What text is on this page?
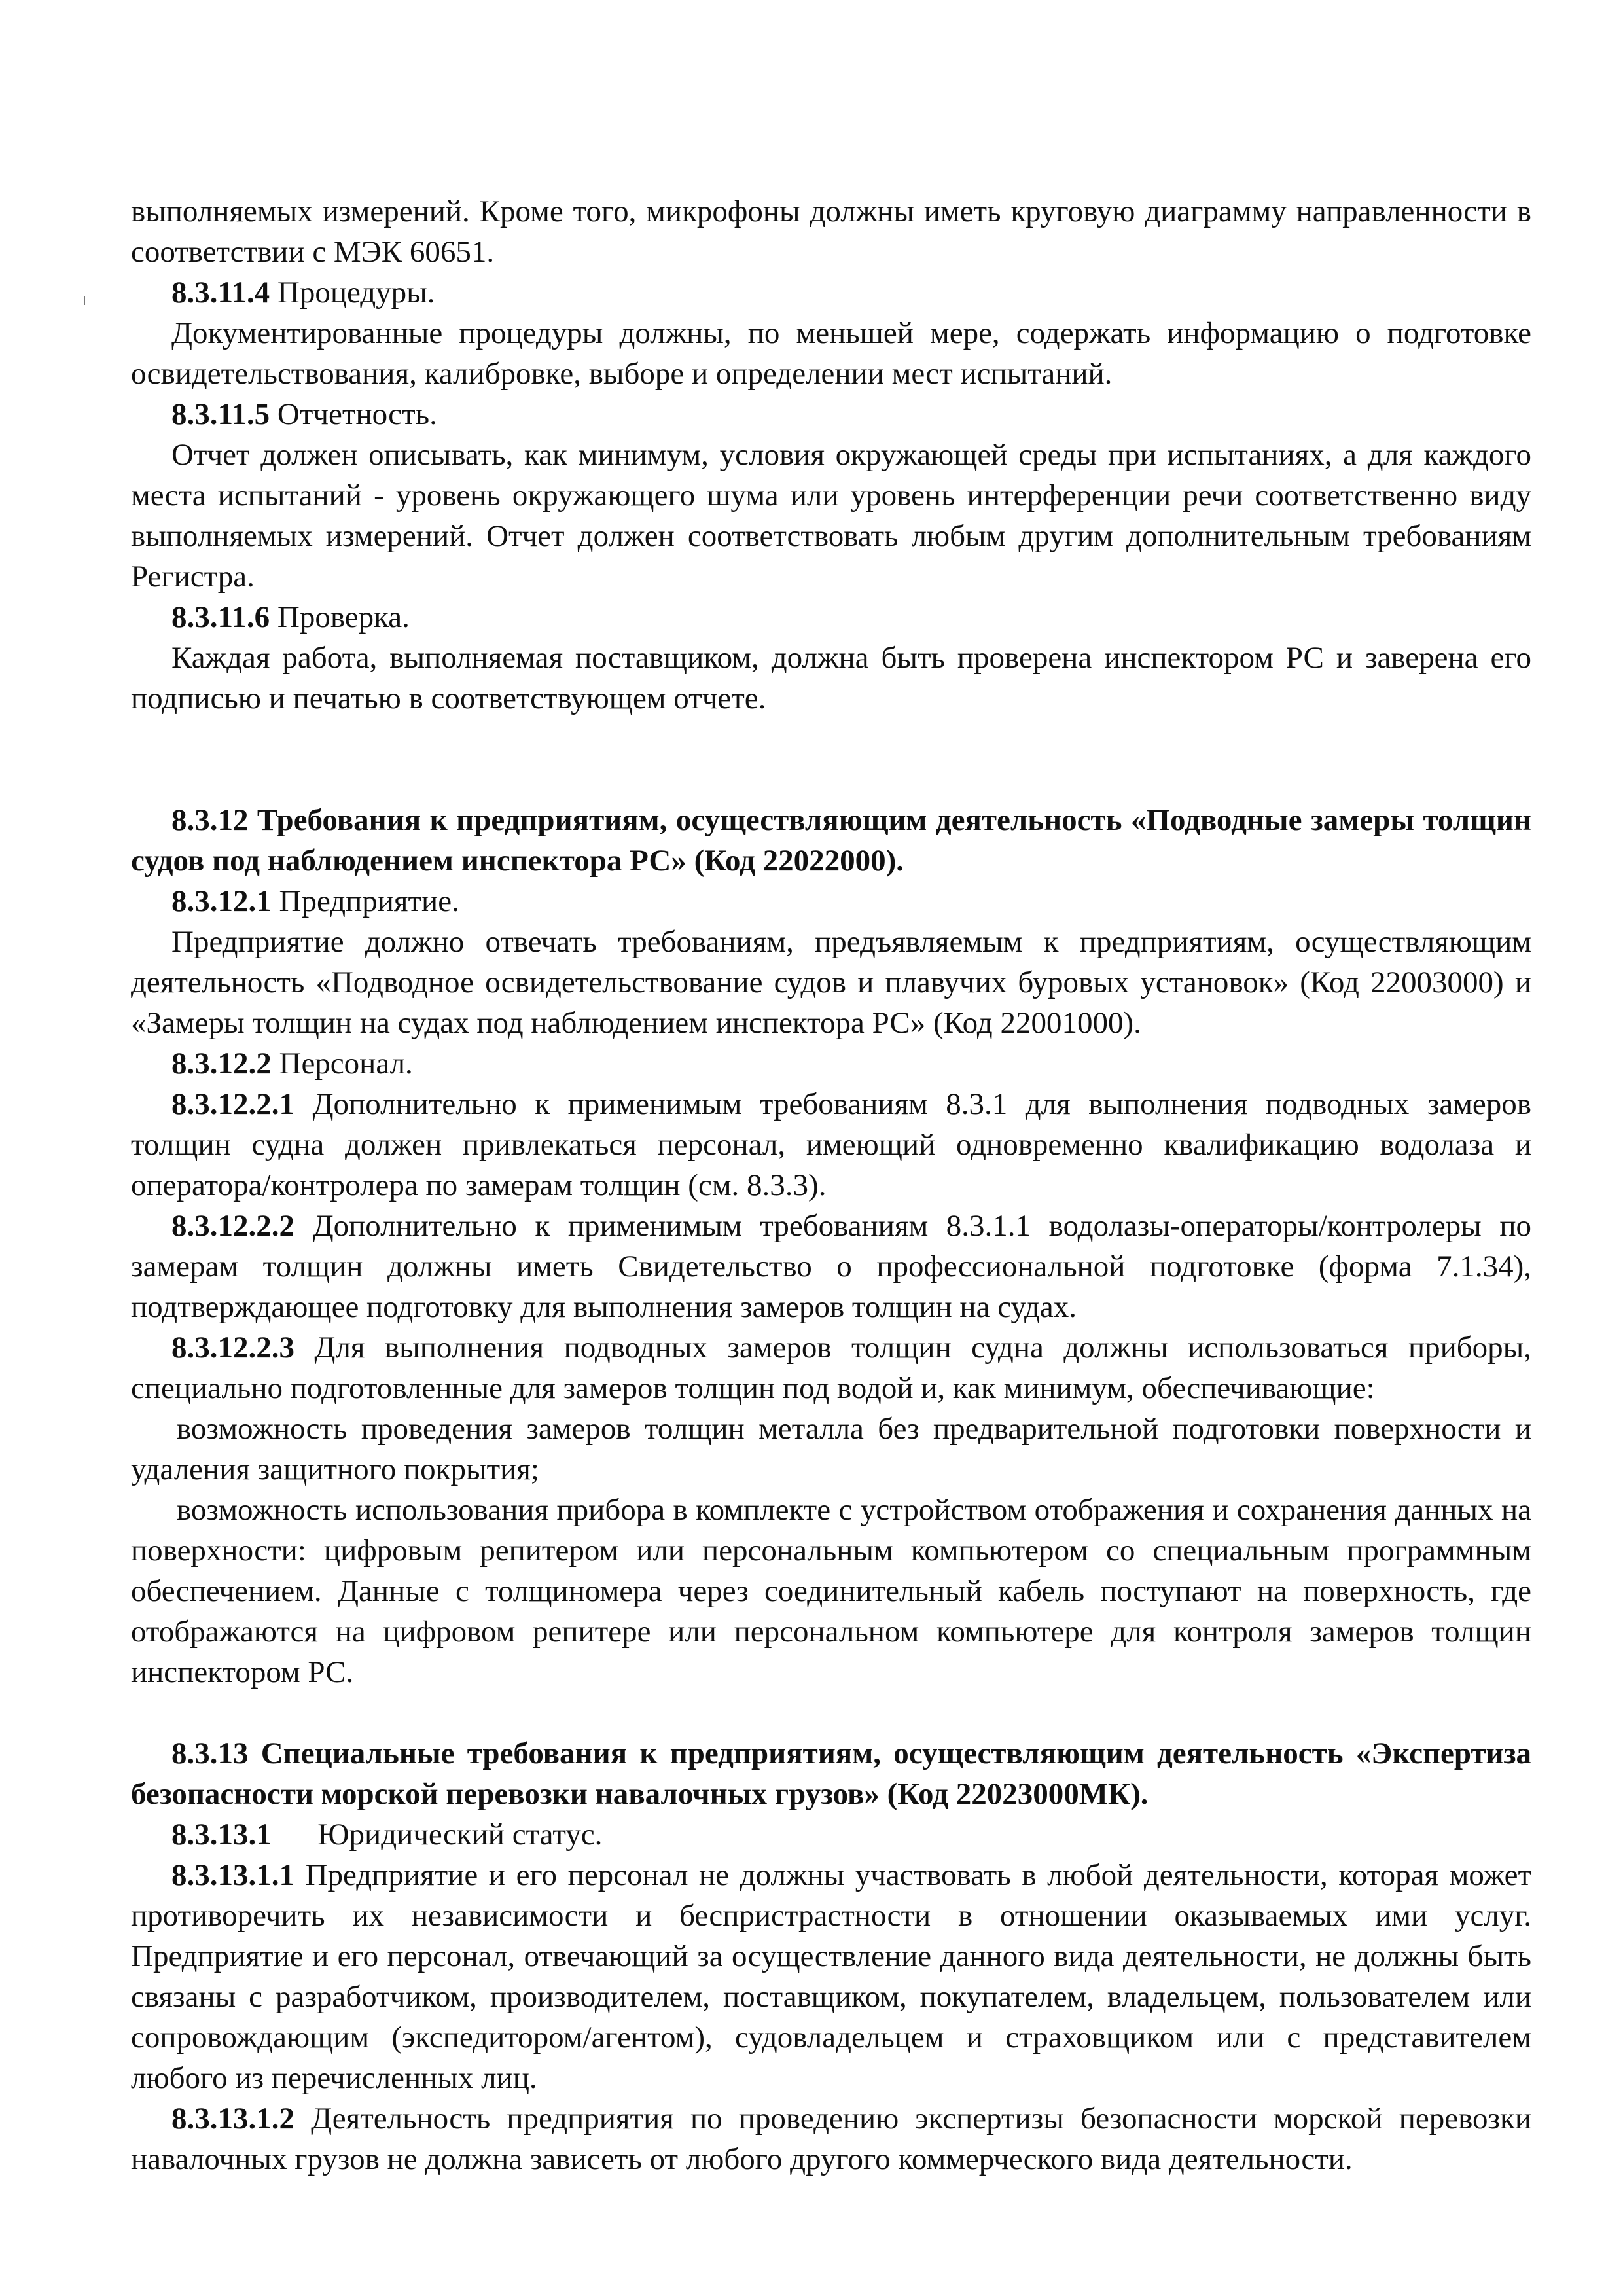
выполняемых измерений. Кроме того, микрофоны должны иметь круговую диаграмму направленности в соответствии с МЭК 60651.

8.3.11.4 Процедуры.

Документированные процедуры должны, по меньшей мере, содержать информацию о подготовке освидетельствования, калибровке, выборе и определении мест испытаний.

8.3.11.5 Отчетность.

Отчет должен описывать, как минимум, условия окружающей среды при испытаниях, а для каждого места испытаний - уровень окружающего шума или уровень интерференции речи соответственно виду выполняемых измерений. Отчет должен соответствовать любым другим дополнительным требованиям Регистра.

8.3.11.6 Проверка.

Каждая работа, выполняемая поставщиком, должна быть проверена инспектором РС и заверена его подписью и печатью в соответствующем отчете.

8.3.12 Требования к предприятиям, осуществляющим деятельность «Подводные замеры толщин судов под наблюдением инспектора РС» (Код 22022000).

8.3.12.1 Предприятие.

Предприятие должно отвечать требованиям, предъявляемым к предприятиям, осуществляющим деятельность «Подводное освидетельствование судов и плавучих буровых установок» (Код 22003000) и «Замеры толщин на судах под наблюдением инспектора РС» (Код 22001000).

8.3.12.2 Персонал.

8.3.12.2.1 Дополнительно к применимым требованиям 8.3.1 для выполнения подводных замеров толщин судна должен привлекаться персонал, имеющий одновременно квалификацию водолаза и оператора/контролера по замерам толщин (см. 8.3.3).

8.3.12.2.2 Дополнительно к применимым требованиям 8.3.1.1 водолазы-операторы/контролеры по замерам толщин должны иметь Свидетельство о профессиональной подготовке (форма 7.1.34), подтверждающее подготовку для выполнения замеров толщин на судах.

8.3.12.2.3 Для выполнения подводных замеров толщин судна должны использоваться приборы, специально подготовленные для замеров толщин под водой и, как минимум, обеспечивающие:

возможность проведения замеров толщин металла без предварительной подготовки поверхности и удаления защитного покрытия;

возможность использования прибора в комплекте с устройством отображения и сохранения данных на поверхности: цифровым репитером или персональным компьютером со специальным программным обеспечением. Данные с толщиномера через соединительный кабель поступают на поверхность, где отображаются на цифровом репитере или персональном компьютере для контроля замеров толщин инспектором РС.

8.3.13 Специальные требования к предприятиям, осуществляющим деятельность «Экспертиза безопасности морской перевозки навалочных грузов» (Код 22023000МК).

8.3.13.1      Юридический статус.

8.3.13.1.1 Предприятие и его персонал не должны участвовать в любой деятельности, которая может противоречить их независимости и беспристрастности в отношении оказываемых ими услуг. Предприятие и его персонал, отвечающий за осуществление данного вида деятельности, не должны быть связаны с разработчиком, производителем, поставщиком, покупателем, владельцем, пользователем или сопровождающим (экспедитором/агентом), судовладельцем и страховщиком или с представителем любого из перечисленных лиц.

8.3.13.1.2 Деятельность предприятия по проведению экспертизы безопасности морской перевозки навалочных грузов не должна зависеть от любого другого коммерческого вида деятельности.
